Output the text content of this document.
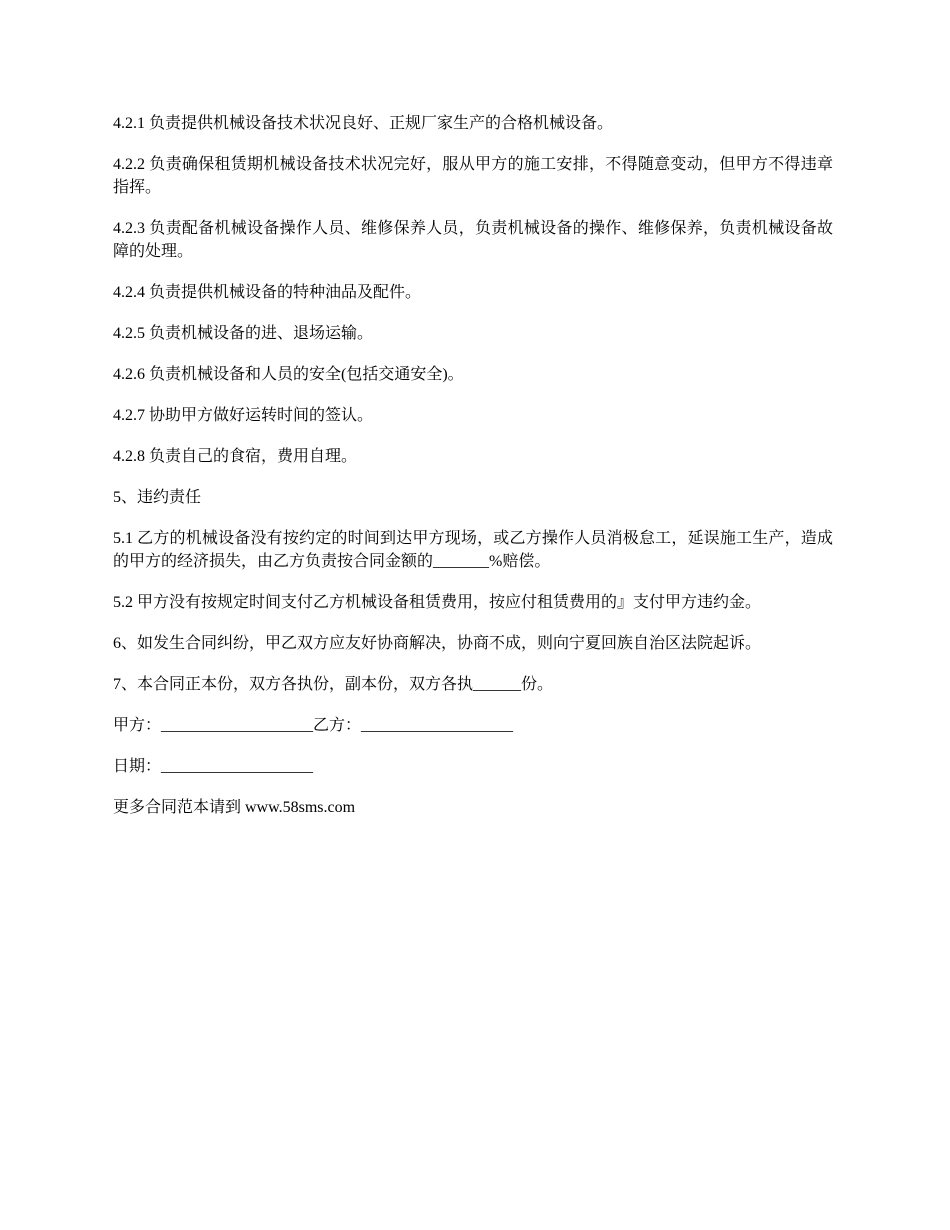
4.2.1 负责提供机械设备技术状况良好、正规厂家生产的合格机械设备。

4.2.2 负责确保租赁期机械设备技术状况完好，服从甲方的施工安排，不得随意变动，但甲方不得违章指挥。

4.2.3 负责配备机械设备操作人员、维修保养人员，负责机械设备的操作、维修保养，负责机械设备故障的处理。

4.2.4 负责提供机械设备的特种油品及配件。

4.2.5 负责机械设备的进、退场运输。

4.2.6 负责机械设备和人员的安全(包括交通安全)。

4.2.7 协助甲方做好运转时间的签认。

4.2.8 负责自己的食宿，费用自理。

5、违约责任

5.1 乙方的机械设备没有按约定的时间到达甲方现场，或乙方操作人员消极怠工，延误施工生产，造成的甲方的经济损失，由乙方负责按合同金额的_______%赔偿。

5.2 甲方没有按规定时间支付乙方机械设备租赁费用，按应付租赁费用的』支付甲方违约金。

6、如发生合同纠纷，甲乙双方应友好协商解决，协商不成，则向宁夏回族自治区法院起诉。

7、本合同正本份，双方各执份，副本份，双方各执______份。

甲方：___________________乙方：___________________

日期：___________________

更多合同范本请到 www.58sms.com
